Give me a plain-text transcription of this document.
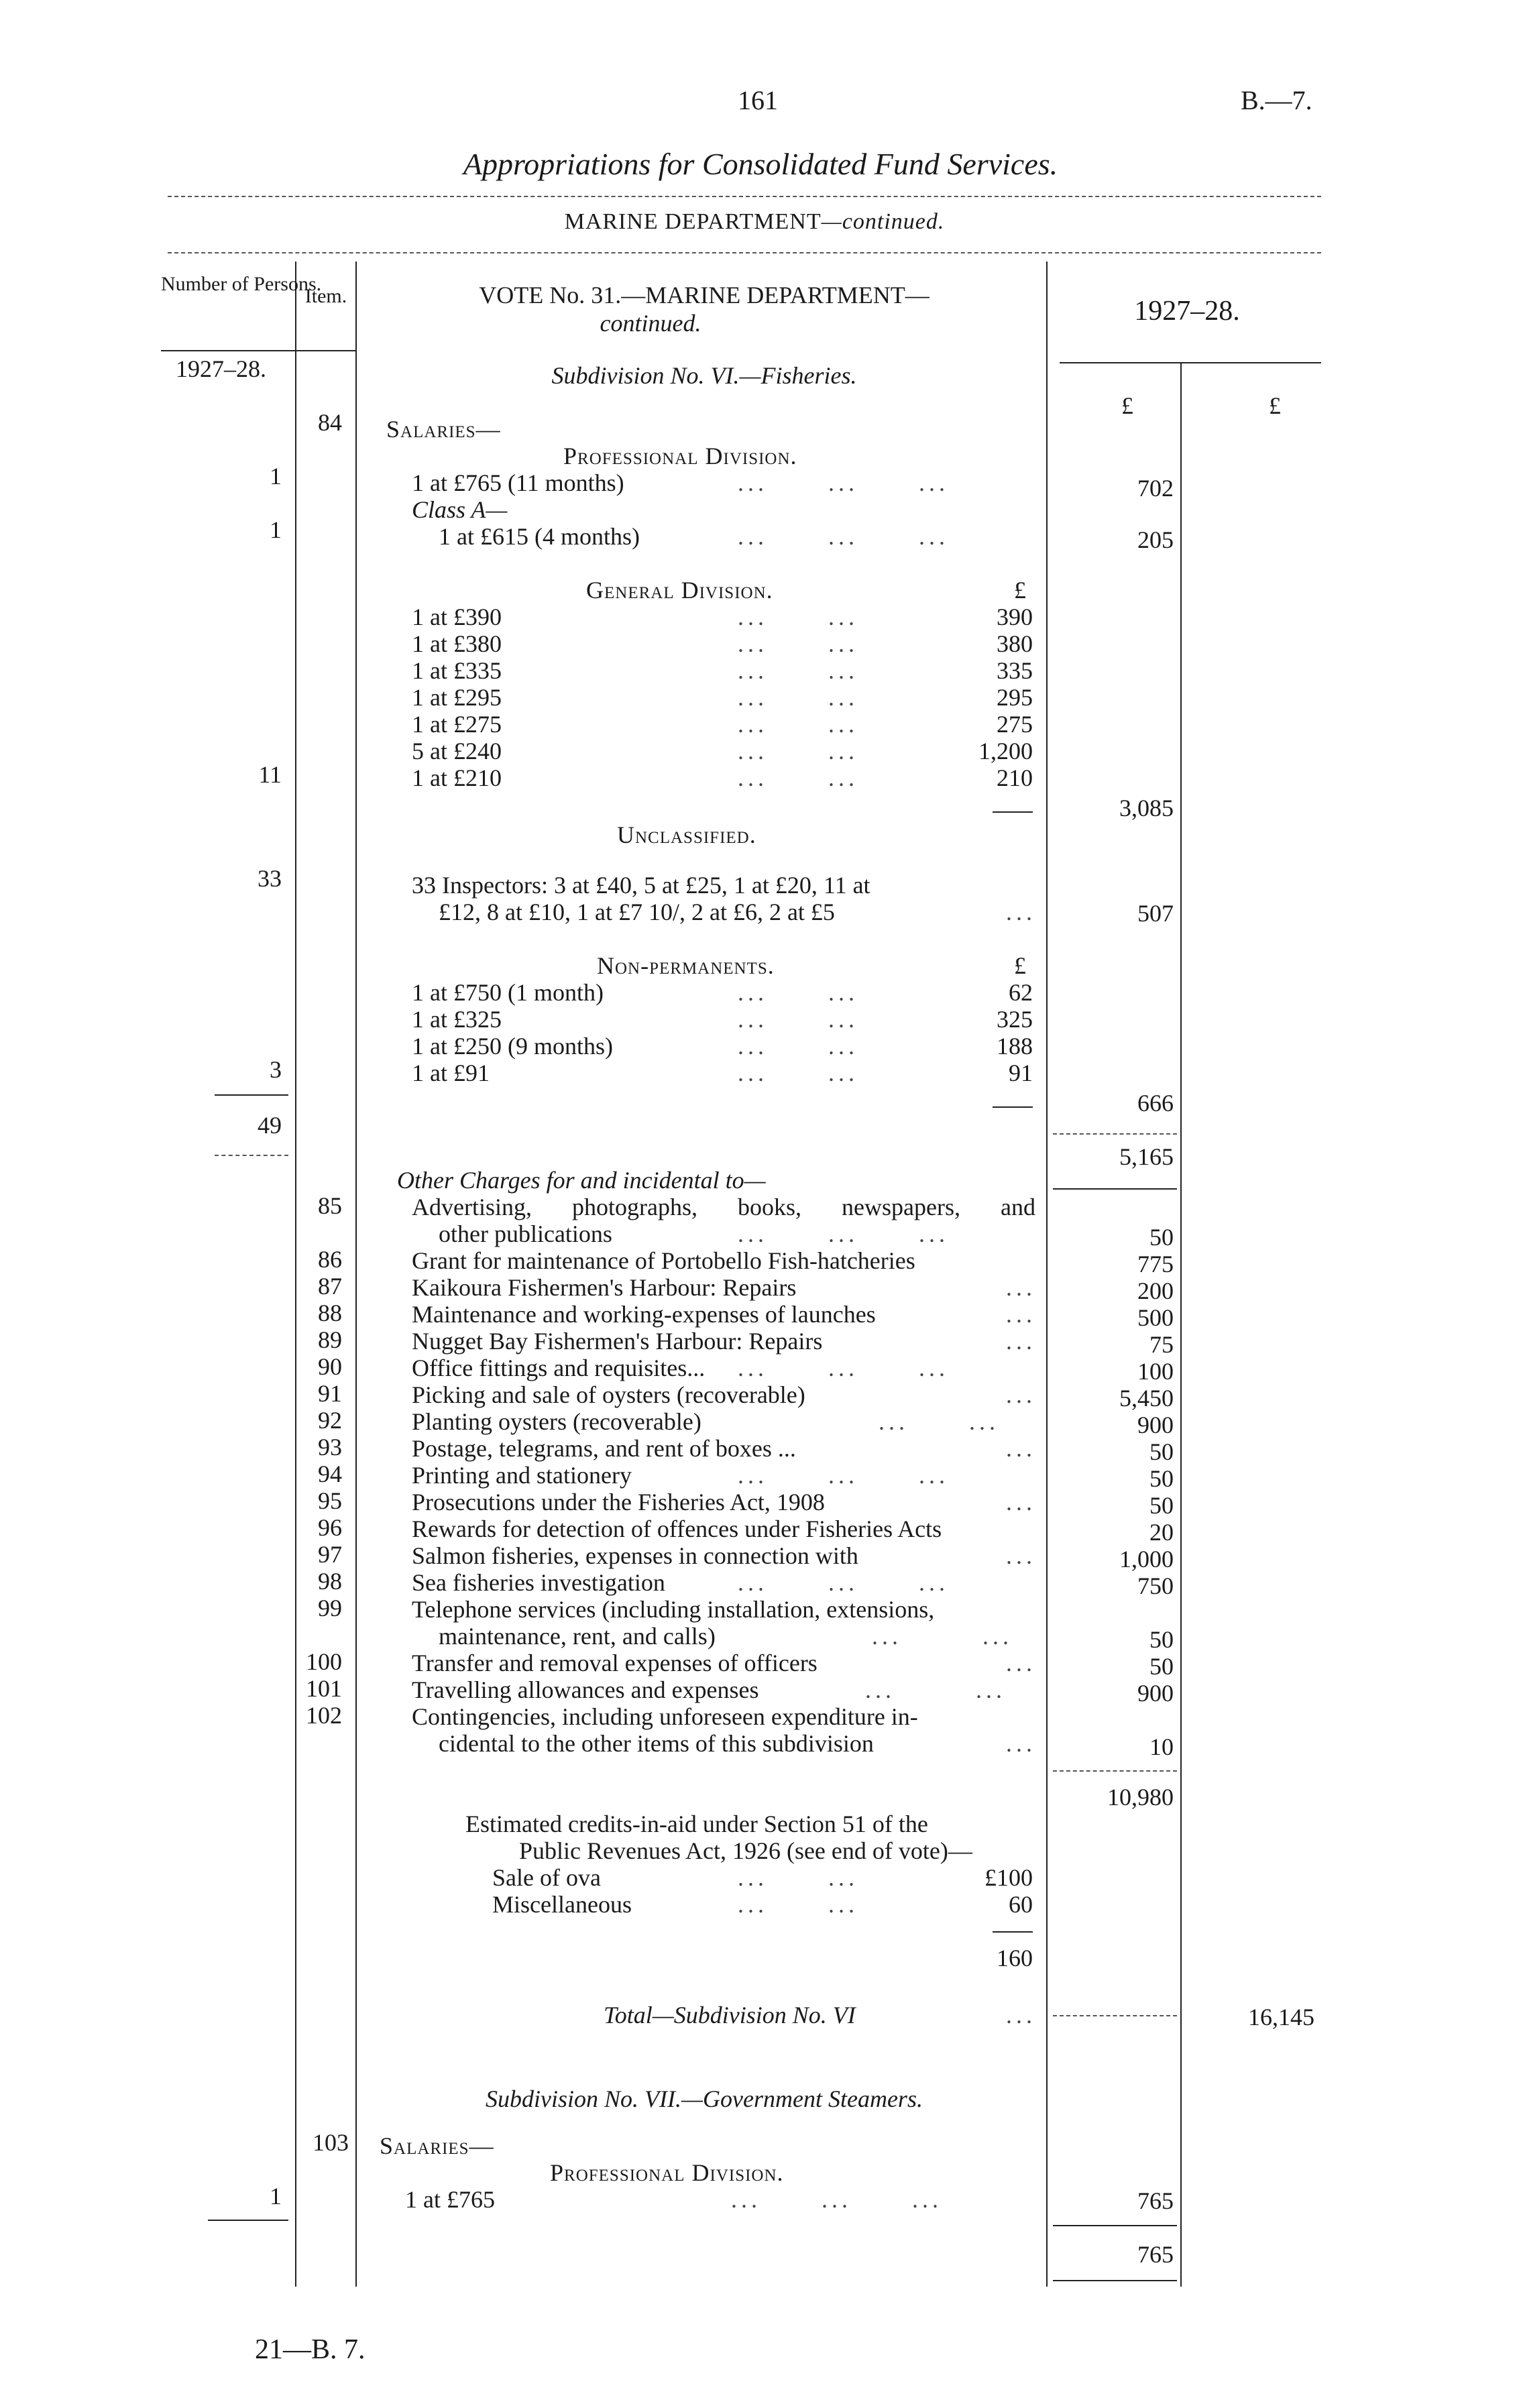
161	B.—7.
Appropriations for Consolidated Fund Services.
MARINE DEPARTMENT—continued.
Number of Persons.
Item.	VOTE No. 31.—MARINE DEPARTMENT—
continued.	1927–28.
1927–28.	Subdivision No. VI.—Fisheries.
£	£
84 Salaries—
Professional Division.
1	1 at £765 (11 months)	...      ...      ...	702
Class A—
1	1 at £615 (4 months)	...      ...      ...	205
General Division.	£
1 at £390	...      ...	390
1 at £380	...      ...	380
1 at £335	...      ...	335
1 at £295	...      ...	295
1 at £275	...      ...	275
5 at £240	...      ...	1,200
11	1 at £210	...      ...	210
3,085
Unclassified.
33	33 Inspectors: 3 at £40, 5 at £25, 1 at £20, 11 at
£12, 8 at £10, 1 at £7 10/, 2 at £6, 2 at £5	...	507
Non-permanents.	£
1 at £750 (1 month)	...      ...	62
1 at £325	...      ...	325
1 at £250 (9 months)	...      ...	188
3	1 at £91	...      ...	91
666
49
5,165
Other Charges for and incidental to—
85	Advertising, photographs, books, newspapers, and
other publications	...      ...      ...	50
86	Grant for maintenance of Portobello Fish-hatcheries	775
87	Kaikoura Fishermen's Harbour: Repairs	...	200
88	Maintenance and working-expenses of launches	...	500
89	Nugget Bay Fishermen's Harbour: Repairs	...	75
90	Office fittings and requisites... ...      ...      ...	100
91	Picking and sale of oysters (recoverable)	...	5,450
92	Planting oysters (recoverable)	...      ...	900
93	Postage, telegrams, and rent of boxes ...	...	50
94	Printing and stationery	...      ...      ...	50
95	Prosecutions under the Fisheries Act, 1908	...	50
96	Rewards for detection of offences under Fisheries Acts	20
97	Salmon fisheries, expenses in connection with	...	1,000
98	Sea fisheries investigation	...      ...      ...	750
99	Telephone services (including installation, extensions,
maintenance, rent, and calls)	...        ...	50
100	Transfer and removal expenses of officers	...	50
101	Travelling allowances and expenses	...        ...	900
102	Contingencies, including unforeseen expenditure in-
cidental to the other items of this subdivision	...	10
10,980
Estimated credits-in-aid under Section 51 of the
Public Revenues Act, 1926 (see end of vote)—
Sale of ova	...      ...	£100
Miscellaneous	...      ...	60
160
Total—Subdivision No. VI	...	16,145
Subdivision No. VII.—Government Steamers.
103 Salaries—
Professional Division.
1	1 at £765	...      ...      ...	765
765
21—B. 7.
